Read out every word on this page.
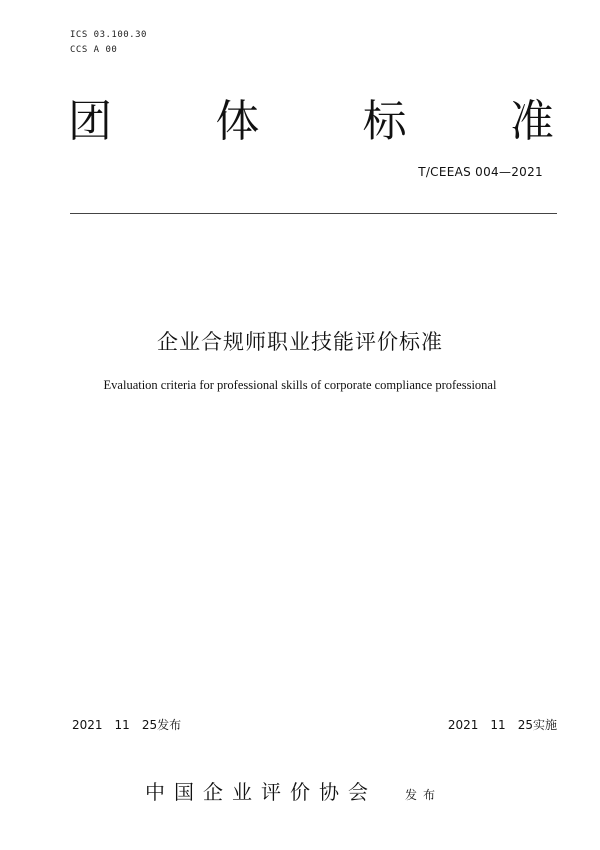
ICS 03.100.30
CCS A 00
团 体 标 准
T/CEEAS 004—2021
企业合规师职业技能评价标准
Evaluation criteria for professional skills of corporate compliance professional
2021 11 25发布	2021 11 25实施
中国企业评价协会 发布
